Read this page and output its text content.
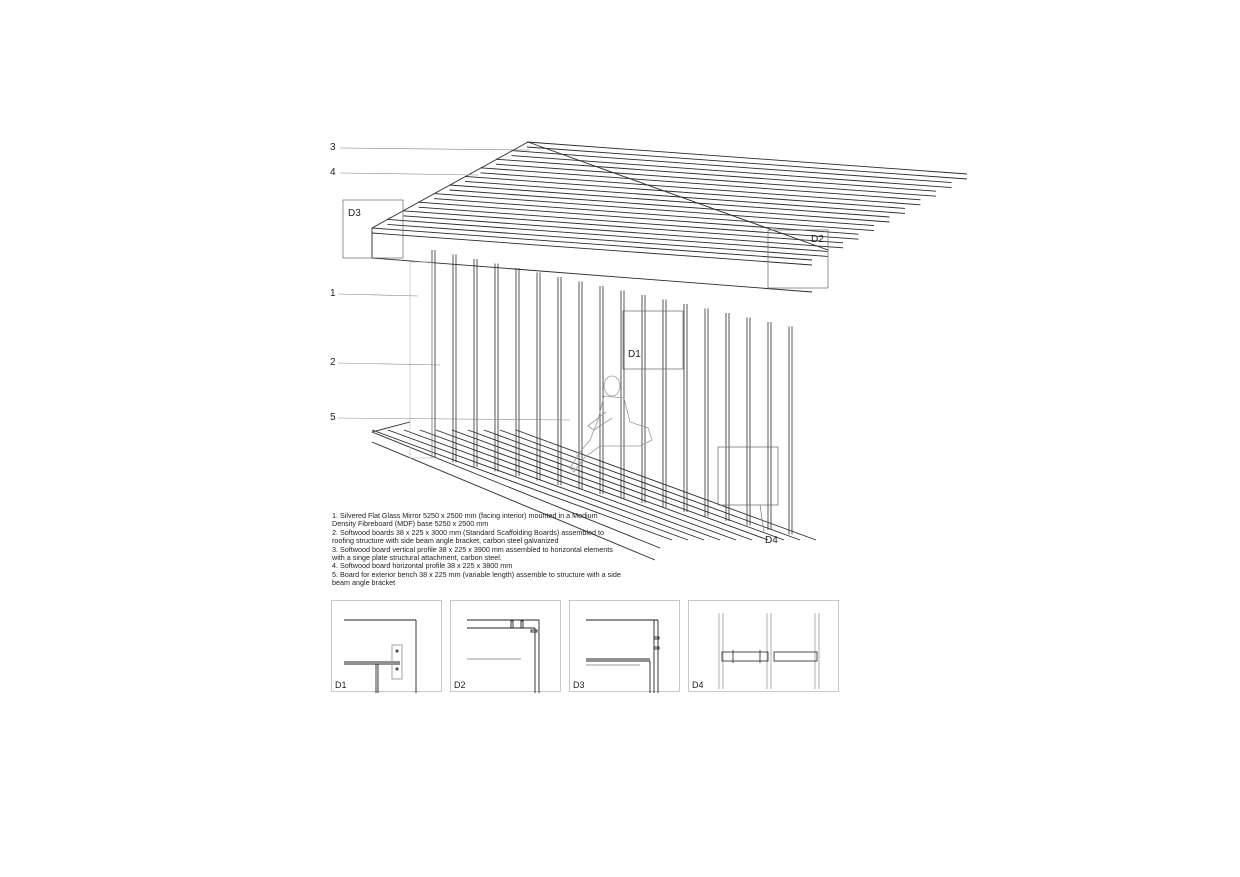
3
4
1
2
5
D3
D2
D1
D4
1. Silvered Flat Glass Mirror 5250 x 2500 mm (facing interior) mounted in a Medium Density Fibreboard (MDF) base 5250 x 2500 mm
2. Softwood boards 38 x 225 x 3000 mm (Standard Scaffolding Boards) assembled to roofing structure with side beam angle bracket, carbon steel galvanized
3. Softwood board vertical profile 38 x 225 x 3900 mm assembled to horizontal elements with a singe plate structural attachment, carbon steel.
4. Softwood board horizontal profile 38 x 225 x 3800 mm
5. Board for exterior bench 38 x 225 mm (variable length) assemble to structure with a side beam angle bracket
D1	D2	D3	D4
